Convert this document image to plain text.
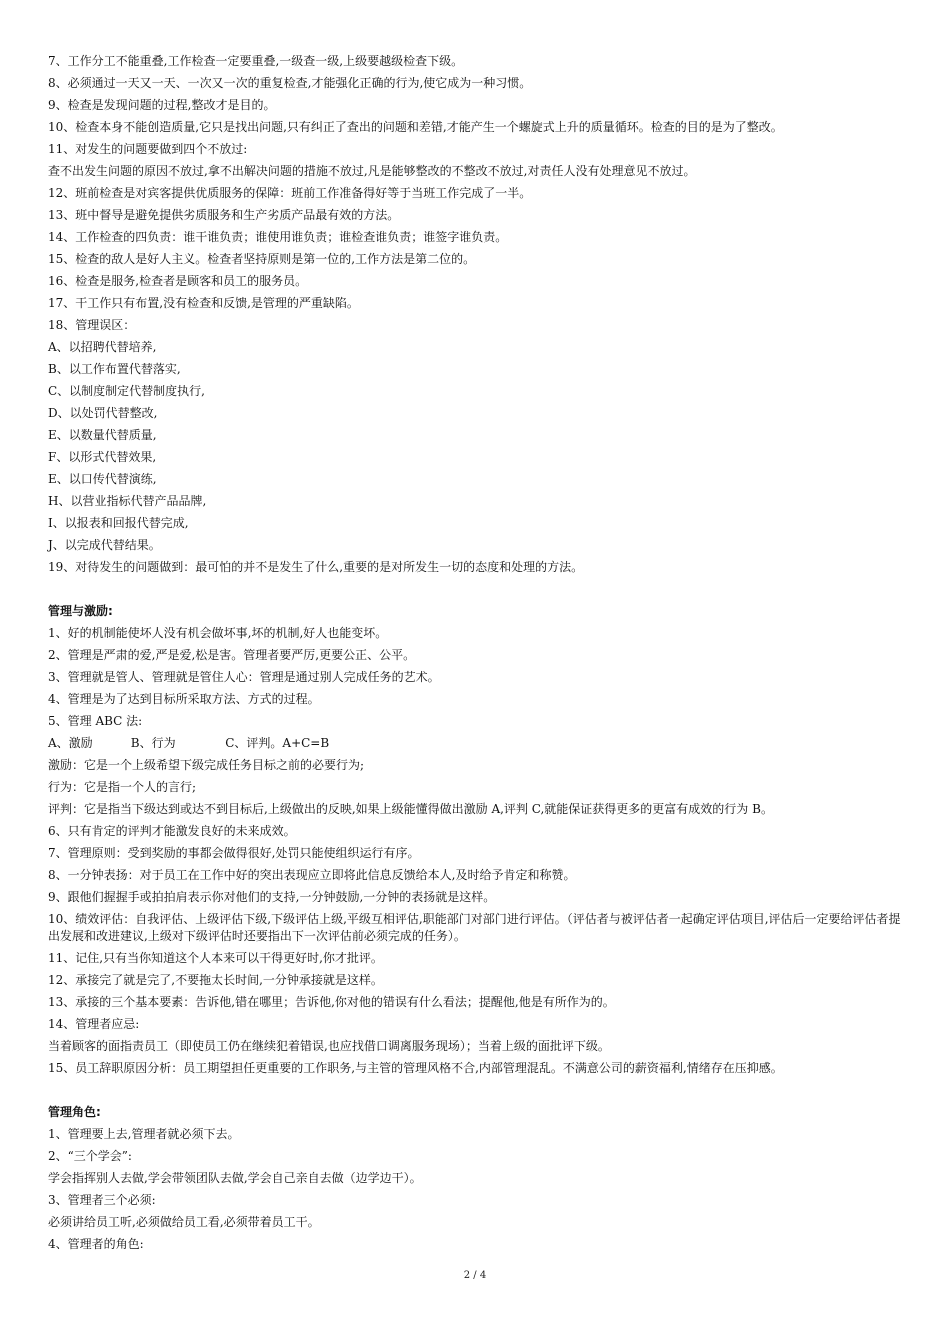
7、工作分工不能重叠,工作检查一定要重叠,一级查一级,上级要越级检查下级。
8、必须通过一天又一天、一次又一次的重复检查,才能强化正确的行为,使它成为一种习惯。
9、检查是发现问题的过程,整改才是目的。
10、检查本身不能创造质量,它只是找出问题,只有纠正了查出的问题和差错,才能产生一个螺旋式上升的质量循环。检查的目的是为了整改。
11、对发生的问题要做到四个不放过:
查不出发生问题的原因不放过,拿不出解决问题的措施不放过,凡是能够整改的不整改不放过,对责任人没有处理意见不放过。
12、班前检查是对宾客提供优质服务的保障：班前工作准备得好等于当班工作完成了一半。
13、班中督导是避免提供劣质服务和生产劣质产品最有效的方法。
14、工作检查的四负责：谁干谁负责；谁使用谁负责；谁检查谁负责；谁签字谁负责。
15、检查的敌人是好人主义。检查者坚持原则是第一位的,工作方法是第二位的。
16、检查是服务,检查者是顾客和员工的服务员。
17、干工作只有布置,没有检查和反馈,是管理的严重缺陷。
18、管理误区：
A、以招聘代替培养,
B、以工作布置代替落实,
C、以制度制定代替制度执行,
D、以处罚代替整改,
E、以数量代替质量,
F、以形式代替效果,
E、以口传代替演练,
H、以营业指标代替产品品牌,
I、以报表和回报代替完成,
J、以完成代替结果。
19、对待发生的问题做到：最可怕的并不是发生了什么,重要的是对所发生一切的态度和处理的方法。
管理与激励:
1、好的机制能使坏人没有机会做坏事,坏的机制,好人也能变坏。
2、管理是严肃的爱,严是爱,松是害。管理者要严厉,更要公正、公平。
3、管理就是管人、管理就是管住人心：管理是通过别人完成任务的艺术。
4、管理是为了达到目标所采取方法、方式的过程。
5、管理 ABC 法:
A、激励          B、行为             C、评判。A+C=B
激励：它是一个上级希望下级完成任务目标之前的必要行为;
行为：它是指一个人的言行;
评判：它是指当下级达到或达不到目标后,上级做出的反映,如果上级能懂得做出激励 A,评判 C,就能保证获得更多的更富有成效的行为 B。
6、只有肯定的评判才能激发良好的未来成效。
7、管理原则：受到奖励的事都会做得很好,处罚只能使组织运行有序。
8、一分钟表扬：对于员工在工作中好的突出表现应立即将此信息反馈给本人,及时给予肯定和称赞。
9、跟他们握握手或拍拍肩表示你对他们的支持,一分钟鼓励,一分钟的表扬就是这样。
10、绩效评估：自我评估、上级评估下级,下级评估上级,平级互相评估,职能部门对部门进行评估。（评估者与被评估者一起确定评估项目,评估后一定要给评估者提出发展和改进建议,上级对下级评估时还要指出下一次评估前必须完成的任务）。
11、记住,只有当你知道这个人本来可以干得更好时,你才批评。
12、承接完了就是完了,不要拖太长时间,一分钟承接就是这样。
13、承接的三个基本要素：告诉他,错在哪里；告诉他,你对他的错误有什么看法；提醒他,他是有所作为的。
14、管理者应忌:
当着顾客的面指责员工（即使员工仍在继续犯着错误,也应找借口调离服务现场）；当着上级的面批评下级。
15、员工辞职原因分析：员工期望担任更重要的工作职务,与主管的管理风格不合,内部管理混乱。不满意公司的薪资福利,情绪存在压抑感。
管理角色:
1、管理要上去,管理者就必须下去。
2、“三个学会”:
学会指挥别人去做,学会带领团队去做,学会自己亲自去做（边学边干）。
3、管理者三个必须:
必须讲给员工听,必须做给员工看,必须带着员工干。
4、管理者的角色:
2 / 4
